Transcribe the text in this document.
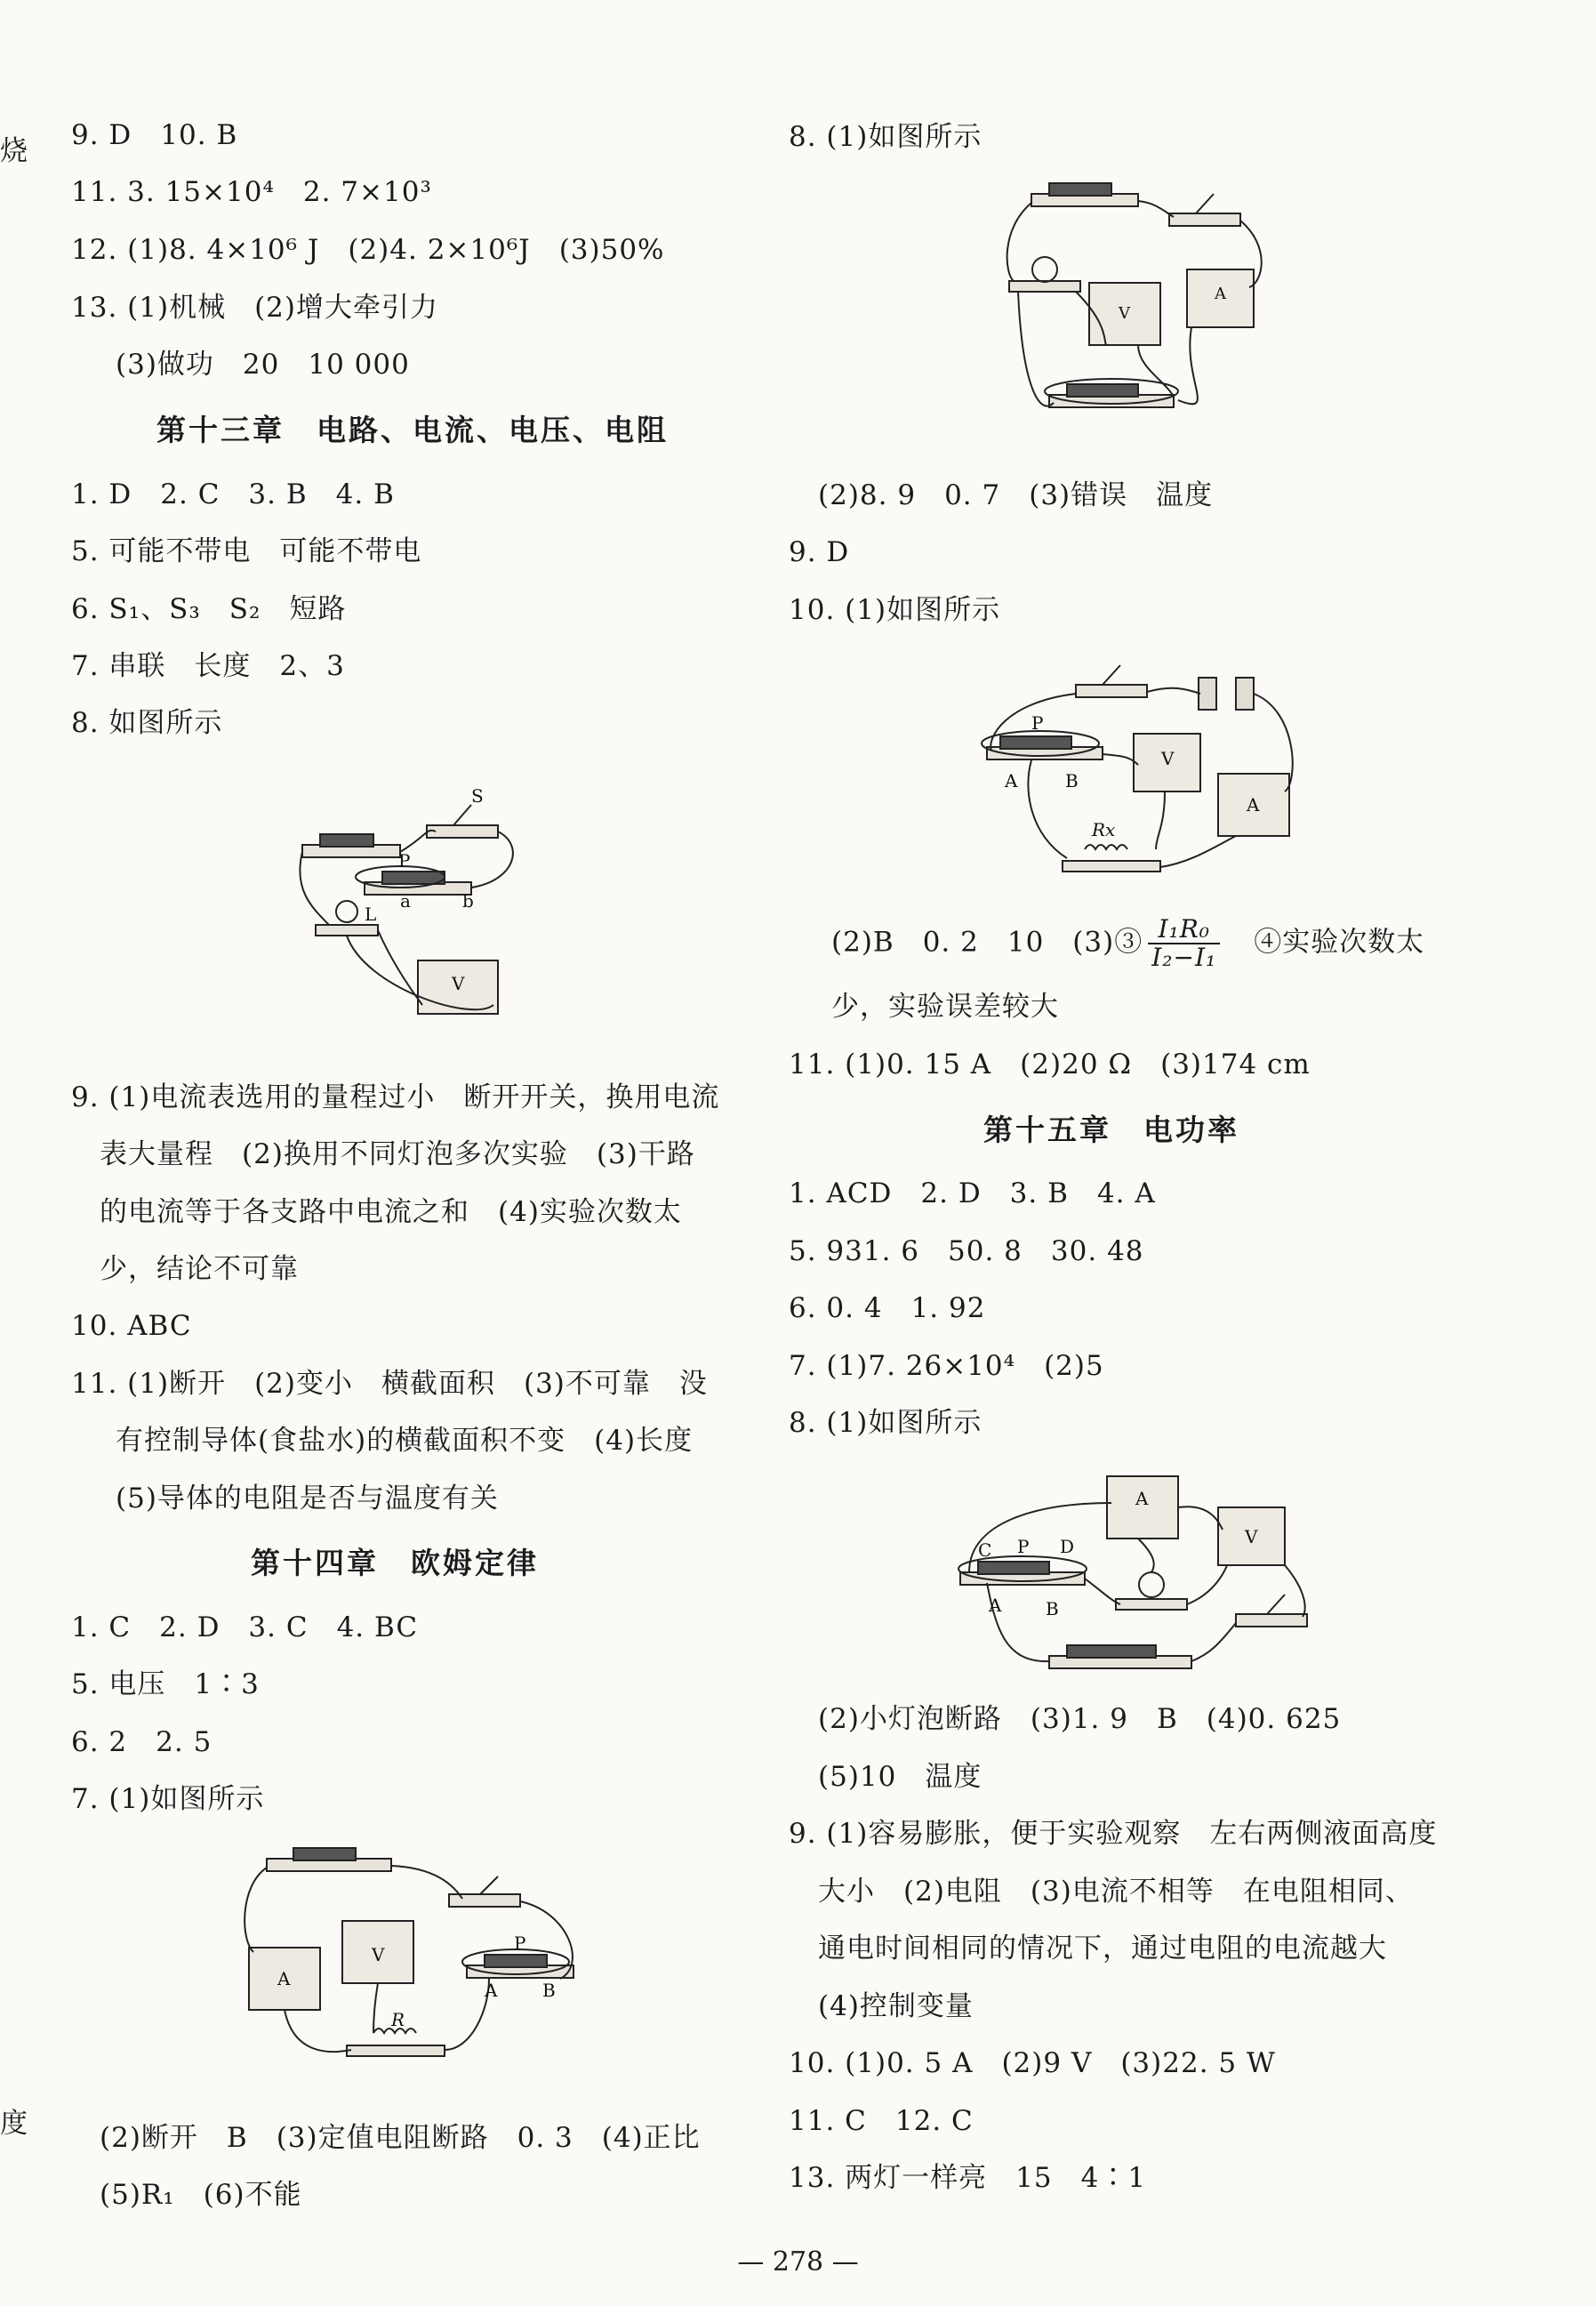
烧
度
9. D　10. B
11. 3. 15×10⁴　2. 7×10³
12. (1)8. 4×10⁶ J　(2)4. 2×10⁶J　(3)50%
13. (1)机械　(2)增大牵引力
(3)做功　20　10 000
第十三章　电路、电流、电压、电阻
1. D　2. C　3. B　4. B
5. 可能不带电　可能不带电
6. S₁、S₃　S₂　短路
7. 串联　长度　2、3
8. 如图所示
S
P
L
a	b
V
9. (1)电流表选用的量程过小　断开开关，换用电流
表大量程　(2)换用不同灯泡多次实验　(3)干路
的电流等于各支路中电流之和　(4)实验次数太
少，结论不可靠
10. ABC
11. (1)断开　(2)变小　横截面积　(3)不可靠　没
有控制导体(食盐水)的横截面积不变　(4)长度
(5)导体的电阻是否与温度有关
第十四章　欧姆定律
1. C　2. D　3. C　4. BC
5. 电压　1∶3
6. 2　2. 5
7. (1)如图所示
P
R
A	B
V
A
(2)断开　B　(3)定值电阻断路　0. 3　(4)正比
(5)R₁　(6)不能
8. (1)如图所示
V
A
(2)8. 9　0. 7　(3)错误　温度
9. D
10. (1)如图所示
P
A	B
Rx
V
A
(2)B　0. 2　10　(3)③ $\frac{\text{I₁R₀}}{\text{I₂−I₁}}$
　 ④实验次数太
少，实验误差较大
11. (1)0. 15 A　(2)20 Ω　(3)174 cm
第十五章　电功率
1. ACD　2. D　3. B　4. A
5. 931. 6　50. 8　30. 48
6. 0. 4　1. 92
7. (1)7. 26×10⁴　(2)5
8. (1)如图所示
C P D
A B
V
A
(2)小灯泡断路　(3)1. 9　B　(4)0. 625
(5)10　温度
9. (1)容易膨胀，便于实验观察　左右两侧液面高度
大小　(2)电阻　(3)电流不相等　在电阻相同、
通电时间相同的情况下，通过电阻的电流越大
(4)控制变量
10. (1)0. 5 A　(2)9 V　(3)22. 5 W
11. C　12. C
13. 两灯一样亮　15　4∶1
— 278 —
